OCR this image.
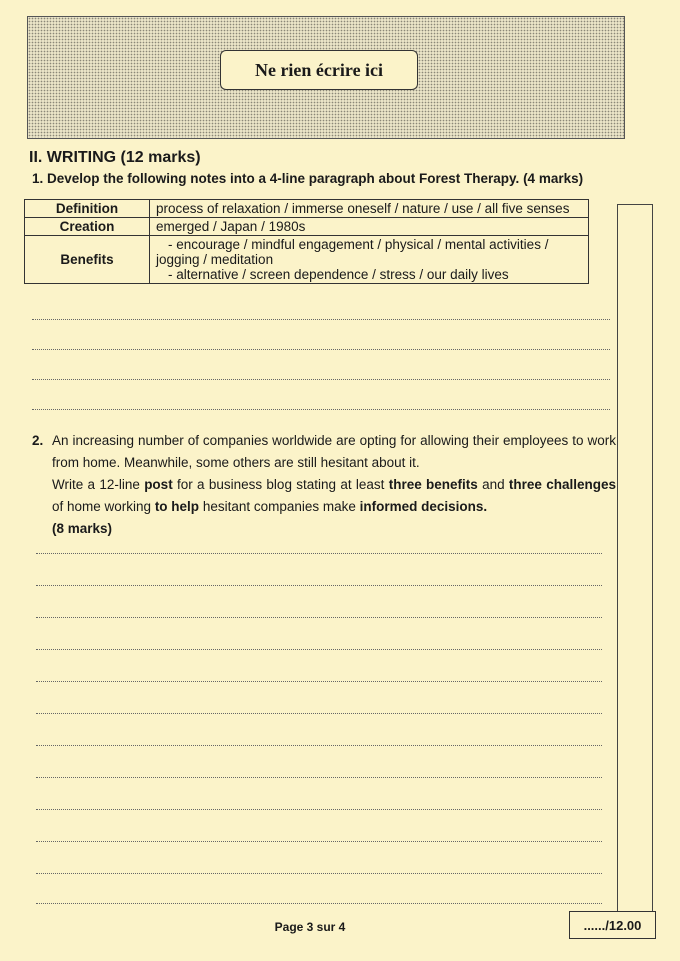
Ne rien écrire ici
II. WRITING (12 marks)
1. Develop the following notes into a 4-line paragraph about Forest Therapy. (4 marks)
Definition	process of relaxation / immerse oneself / nature / use / all five senses
Creation	emerged / Japan / 1980s
Benefits	- encourage / mindful engagement / physical / mental activities /
jogging / meditation
- alternative / screen dependence / stress / our daily lives
2. An increasing number of companies worldwide are opting for allowing their employees to work from home. Meanwhile, some others are still hesitant about it.
Write a 12-line post for a business blog stating at least three benefits and three challenges of home working to help hesitant companies make informed decisions.
(8 marks)
Page 3 sur 4	....../12.00
